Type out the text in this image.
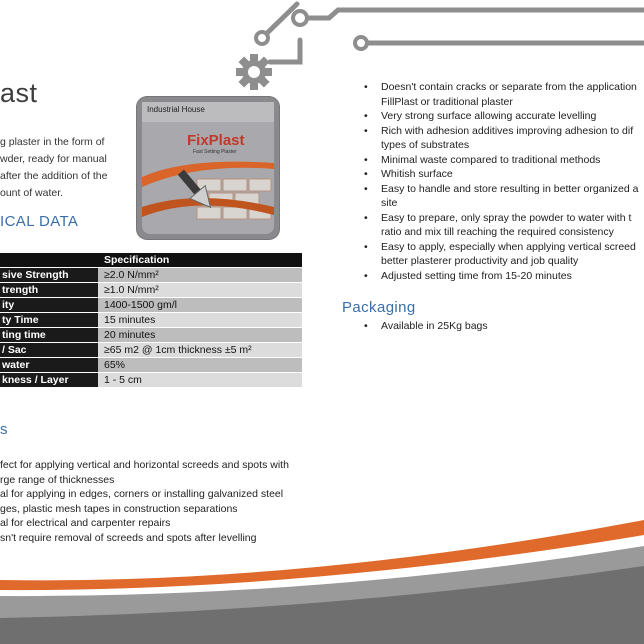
ast
g plaster in the form of
wder, ready for manual
after the addition of the
ount of water.
ICAL DATA
Industrial House
FixPlast
Fast Setting Plaster
	Specification
sive Strength	≥2.0 N/mm²
trength	≥1.0 N/mm²
ity	1400-1500 gm/l
ty Time	15 minutes
ting time	20 minutes
/ Sac	≥65 m2 @ 1cm thickness ±5 m²
water	65%
kness / Layer	1 - 5 cm
s
fect for applying vertical and horizontal screeds and spots with
rge range of thicknesses
al for applying in edges, corners or installing galvanized steel
ges, plastic mesh tapes in construction separations
al for electrical and carpenter repairs
sn't require removal of screeds and spots after levelling
• Doesn't contain cracks or separate from the application
FillPlast or traditional plaster
• Very strong surface allowing accurate levelling
• Rich with adhesion additives improving adhesion to dif
types of substrates
• Minimal waste compared to traditional methods
• Whitish surface
• Easy to handle and store resulting in better organized a
site
• Easy to prepare, only spray the powder to water with t
ratio and mix till reaching the required consistency
• Easy to apply, especially when applying vertical screed
better plasterer productivity and job quality
• Adjusted setting time from 15-20 minutes
Packaging
• Available in 25Kg bags
